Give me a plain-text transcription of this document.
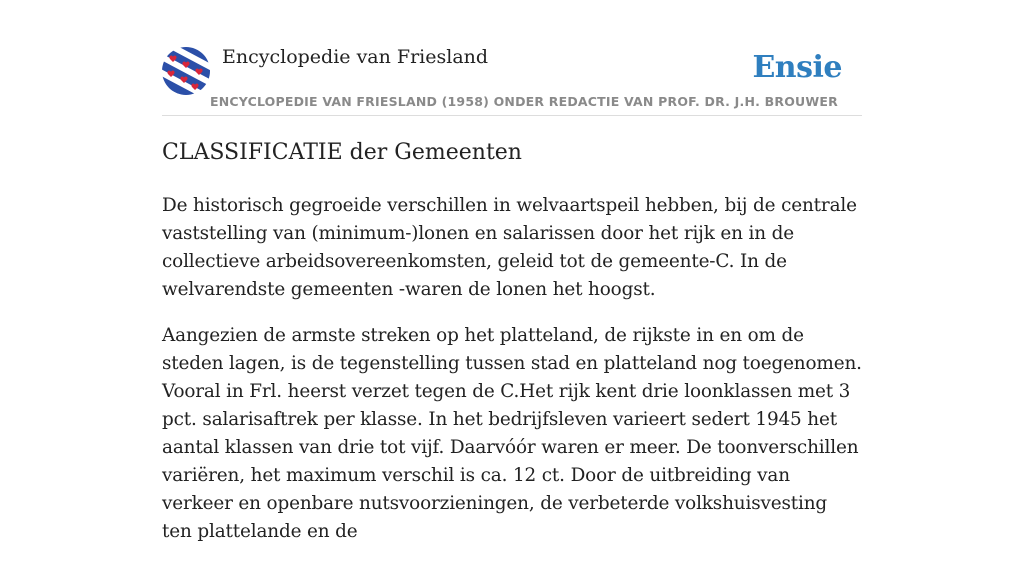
Encyclopedie van Friesland	Ensie
ENCYCLOPEDIE VAN FRIESLAND (1958) ONDER REDACTIE VAN PROF. DR. J.H. BROUWER
CLASSIFICATIE der Gemeenten

De historisch gegroeide verschillen in welvaartspeil hebben, bij de centrale vaststelling van (minimum-)lonen en salarissen door het rijk en in de collectieve arbeidsovereenkomsten, geleid tot de gemeente-C. In de welvarendste gemeenten -waren de lonen het hoogst.

Aangezien de armste streken op het platteland, de rijkste in en om de steden lagen, is de tegenstelling tussen stad en platteland nog toegenomen. Vooral in Frl. heerst verzet tegen de C.Het rijk kent drie loonklassen met 3 pct. salarisaftrek per klasse. In het bedrijfsleven varieert sedert 1945 het aantal klassen van drie tot vijf. Daarvóór waren er meer. De toonverschillen variëren, het maximum verschil is ca. 12 ct. Door de uitbreiding van verkeer en openbare nutsvoorzieningen, de verbeterde volkshuisvesting ten plattelande en de
